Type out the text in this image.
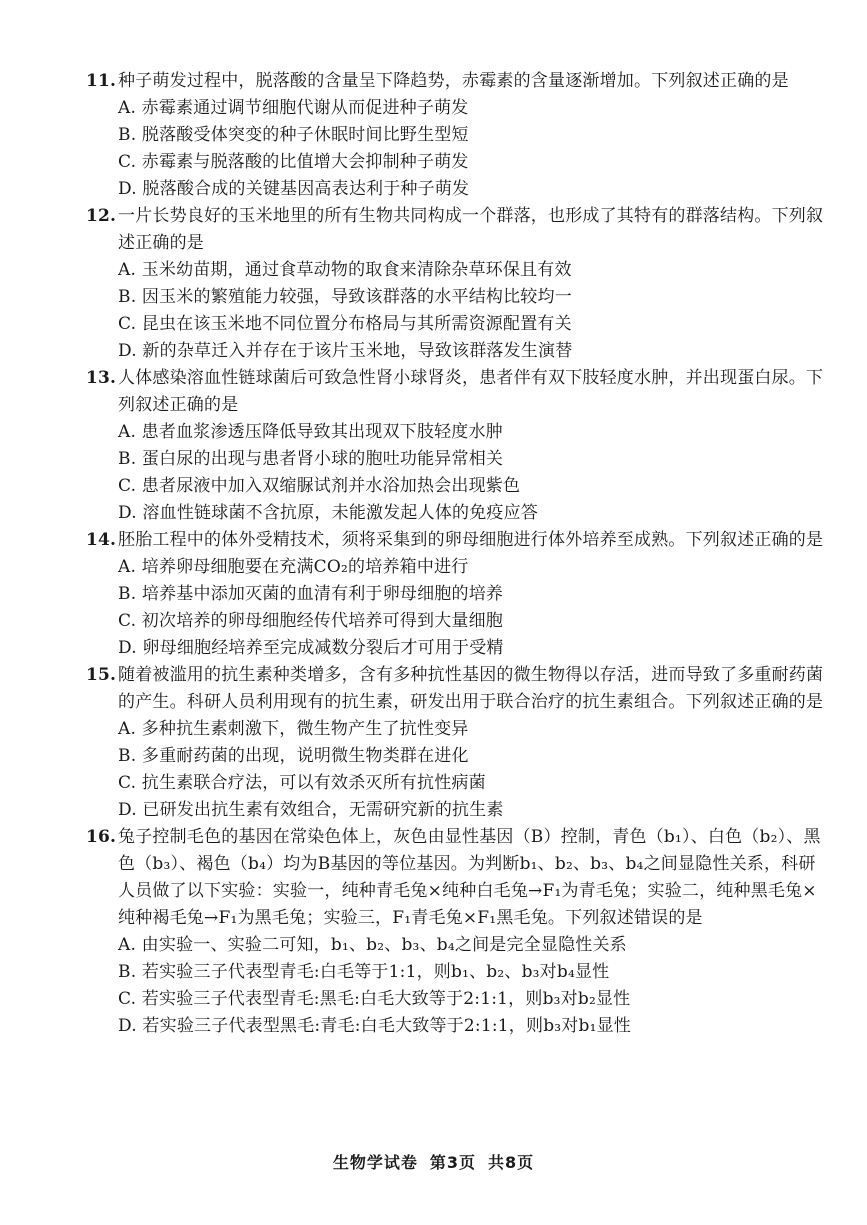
11. 种子萌发过程中，脱落酸的含量呈下降趋势，赤霉素的含量逐渐增加。下列叙述正确的是
A. 赤霉素通过调节细胞代谢从而促进种子萌发
B. 脱落酸受体突变的种子休眠时间比野生型短
C. 赤霉素与脱落酸的比值增大会抑制种子萌发
D. 脱落酸合成的关键基因高表达利于种子萌发
12. 一片长势良好的玉米地里的所有生物共同构成一个群落，也形成了其特有的群落结构。下列叙述正确的是
A. 玉米幼苗期，通过食草动物的取食来清除杂草环保且有效
B. 因玉米的繁殖能力较强，导致该群落的水平结构比较均一
C. 昆虫在该玉米地不同位置分布格局与其所需资源配置有关
D. 新的杂草迁入并存在于该片玉米地，导致该群落发生演替
13. 人体感染溶血性链球菌后可致急性肾小球肾炎，患者伴有双下肢轻度水肿，并出现蛋白尿。下列叙述正确的是
A. 患者血浆渗透压降低导致其出现双下肢轻度水肿
B. 蛋白尿的出现与患者肾小球的胞吐功能异常相关
C. 患者尿液中加入双缩脲试剂并水浴加热会出现紫色
D. 溶血性链球菌不含抗原，未能激发起人体的免疫应答
14. 胚胎工程中的体外受精技术，须将采集到的卵母细胞进行体外培养至成熟。下列叙述正确的是
A. 培养卵母细胞要在充满CO₂的培养箱中进行
B. 培养基中添加灭菌的血清有利于卵母细胞的培养
C. 初次培养的卵母细胞经传代培养可得到大量细胞
D. 卵母细胞经培养至完成减数分裂后才可用于受精
15. 随着被滥用的抗生素种类增多，含有多种抗性基因的微生物得以存活，进而导致了多重耐药菌的产生。科研人员利用现有的抗生素，研发出用于联合治疗的抗生素组合。下列叙述正确的是
A. 多种抗生素刺激下，微生物产生了抗性变异
B. 多重耐药菌的出现，说明微生物类群在进化
C. 抗生素联合疗法，可以有效杀灭所有抗性病菌
D. 已研发出抗生素有效组合，无需研究新的抗生素
16. 兔子控制毛色的基因在常染色体上，灰色由显性基因（B）控制，青色（b₁）、白色（b₂）、黑色（b₃）、褐色（b₄）均为B基因的等位基因。为判断b₁、b₂、b₃、b₄之间显隐性关系，科研人员做了以下实验：实验一，纯种青毛兔×纯种白毛兔→F₁为青毛兔；实验二，纯种黑毛兔×纯种褐毛兔→F₁为黑毛兔；实验三，F₁青毛兔×F₁黑毛兔。下列叙述错误的是
A. 由实验一、实验二可知，b₁、b₂、b₃、b₄之间是完全显隐性关系
B. 若实验三子代表型青毛:白毛等于1:1，则b₁、b₂、b₃对b₄显性
C. 若实验三子代表型青毛:黑毛:白毛大致等于2:1:1，则b₃对b₂显性
D. 若实验三子代表型黑毛:青毛:白毛大致等于2:1:1，则b₃对b₁显性
生物学试卷 第3页 共8页
